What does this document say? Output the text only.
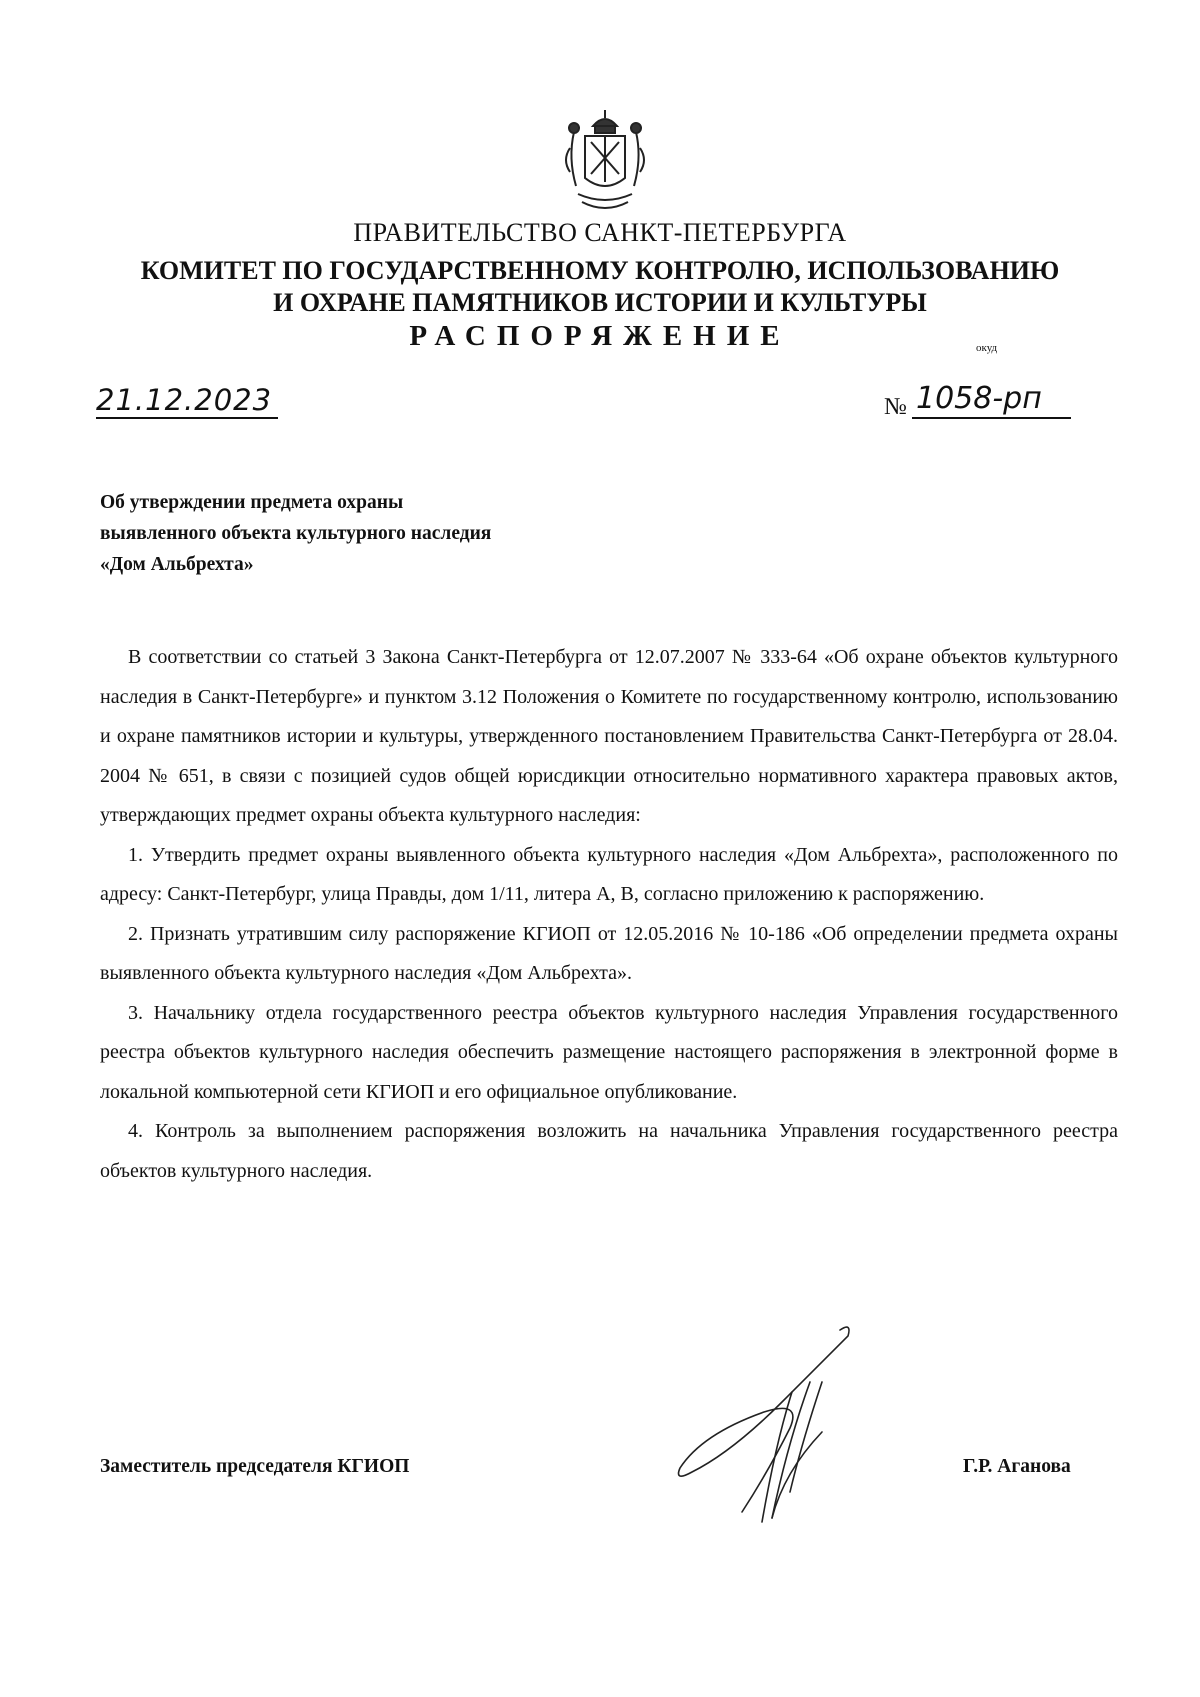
ПРАВИТЕЛЬСТВО САНКТ-ПЕТЕРБУРГА
КОМИТЕТ ПО ГОСУДАРСТВЕННОМУ КОНТРОЛЮ, ИСПОЛЬЗОВАНИЮ
И ОХРАНЕ ПАМЯТНИКОВ ИСТОРИИ И КУЛЬТУРЫ
РАСПОРЯЖЕНИЕ	окуд
21.12.2023	№ 1058-рп
Об утверждении предмета охраны
выявленного объекта культурного наследия
«Дом Альбрехта»

В соответствии со статьей 3 Закона Санкт-Петербурга от 12.07.2007 № 333-64 «Об охране объектов культурного наследия в Санкт-Петербурге» и пунктом 3.12 Положения о Комитете по государственному контролю, использованию и охране памятников истории и культуры, утвержденного постановлением Правительства Санкт-Петербурга от 28.04. 2004 № 651, в связи с позицией судов общей юрисдикции относительно нормативного характера правовых актов, утверждающих предмет охраны объекта культурного наследия:

1. Утвердить предмет охраны выявленного объекта культурного наследия «Дом Альбрехта», расположенного по адресу: Санкт-Петербург, улица Правды, дом 1/11, литера А, В, согласно приложению к распоряжению.

2. Признать утратившим силу распоряжение КГИОП от 12.05.2016 № 10-186 «Об определении предмета охраны выявленного объекта культурного наследия «Дом Альбрехта».

3. Начальнику отдела государственного реестра объектов культурного наследия Управления государственного реестра объектов культурного наследия обеспечить размещение настоящего распоряжения в электронной форме в локальной компьютерной сети КГИОП и его официальное опубликование.

4. Контроль за выполнением распоряжения возложить на начальника Управления государственного реестра объектов культурного наследия.

Заместитель председателя КГИОП	Г.Р. Аганова
